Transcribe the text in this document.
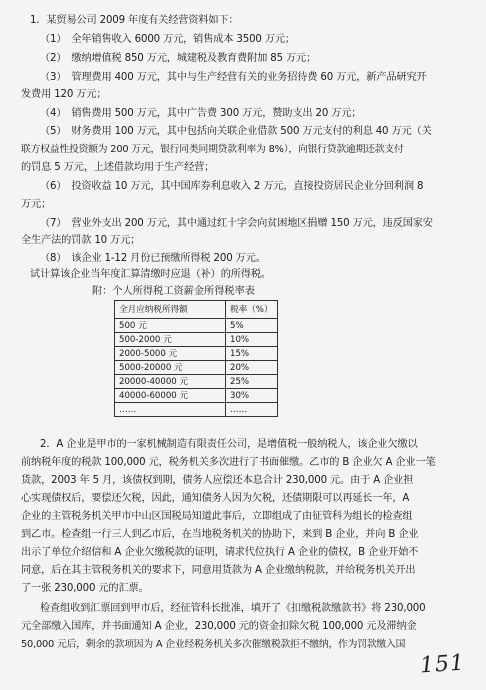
1．某贸易公司 2009 年度有关经营资料如下：
（1）　全年销售收入 6000 万元，销售成本 3500 万元；
（2）　缴纳增值税 850 万元，城建税及教育费附加 85 万元；
（3）　管理费用 400 万元，其中与生产经营有关的业务招待费 60 万元，新产品研究开
发费用 120 万元；
（4）　销售费用 500 万元，其中广告费 300 万元，赞助支出 20 万元；
（5）　财务费用 100 万元，其中包括向关联企业借款 500 万元支付的利息 40 万元（关
联方权益性投资额为 200 万元，银行同类同期贷款利率为 8%），向银行贷款逾期还款支付
的罚息 5 万元，上述借款均用于生产经营；
（6）　投资收益 10 万元，其中国库券利息收入 2 万元，直接投资居民企业分回利润 8
万元；
（7）　营业外支出 200 万元，其中通过红十字会向贫困地区捐赠 150 万元，违反国家安
全生产法的罚款 10 万元；
（8）　该企业 1-12 月份已预缴所得税 200 万元。
试计算该企业当年度汇算清缴时应退（补）的所得税。
附：个人所得税工资薪金所得税率表
全月应纳税所得额	税率（%）
500 元	5%
500-2000 元	10%
2000-5000 元	15%
5000-20000 元	20%
20000-40000 元	25%
40000-60000 元	30%
……	……
2．A 企业是甲市的一家机械制造有限责任公司，是增值税一般纳税人，该企业欠缴以
前纳税年度的税款 100,000 元，税务机关多次进行了书面催缴。乙市的 B 企业欠 A 企业一笔
货款，2003 年 5 月，该债权到期，债务人应偿还本息合计 230,000 元。由于 A 企业担
心实现债权后，要偿还欠税，因此，通知债务人因为欠税，还债期限可以再延长一年，A
企业的主管税务机关甲市中山区国税局知道此事后，立即组成了由征管科为组长的检查组
到乙市。检查组一行三人到乙市后，在当地税务机关的协助下，来到 B 企业，并向 B 企业
出示了单位介绍信和 A 企业欠缴税款的证明，请求代位执行 A 企业的债权，B 企业开始不
同意，后在其主管税务机关的要求下，同意用货款为 A 企业缴纳税款，并给税务机关开出
了一张 230,000 元的汇票。
检查组收到汇票回到甲市后，经征管科长批准，填开了《扣缴税款缴款书》将 230,000
元全部缴入国库，并书面通知 A 企业，230,000 元的资金扣除欠税 100,000 元及滞纳金
50,000 元后，剩余的款项因为 A 企业经税务机关多次催缴税款拒不缴纳，作为罚款缴入国
151
